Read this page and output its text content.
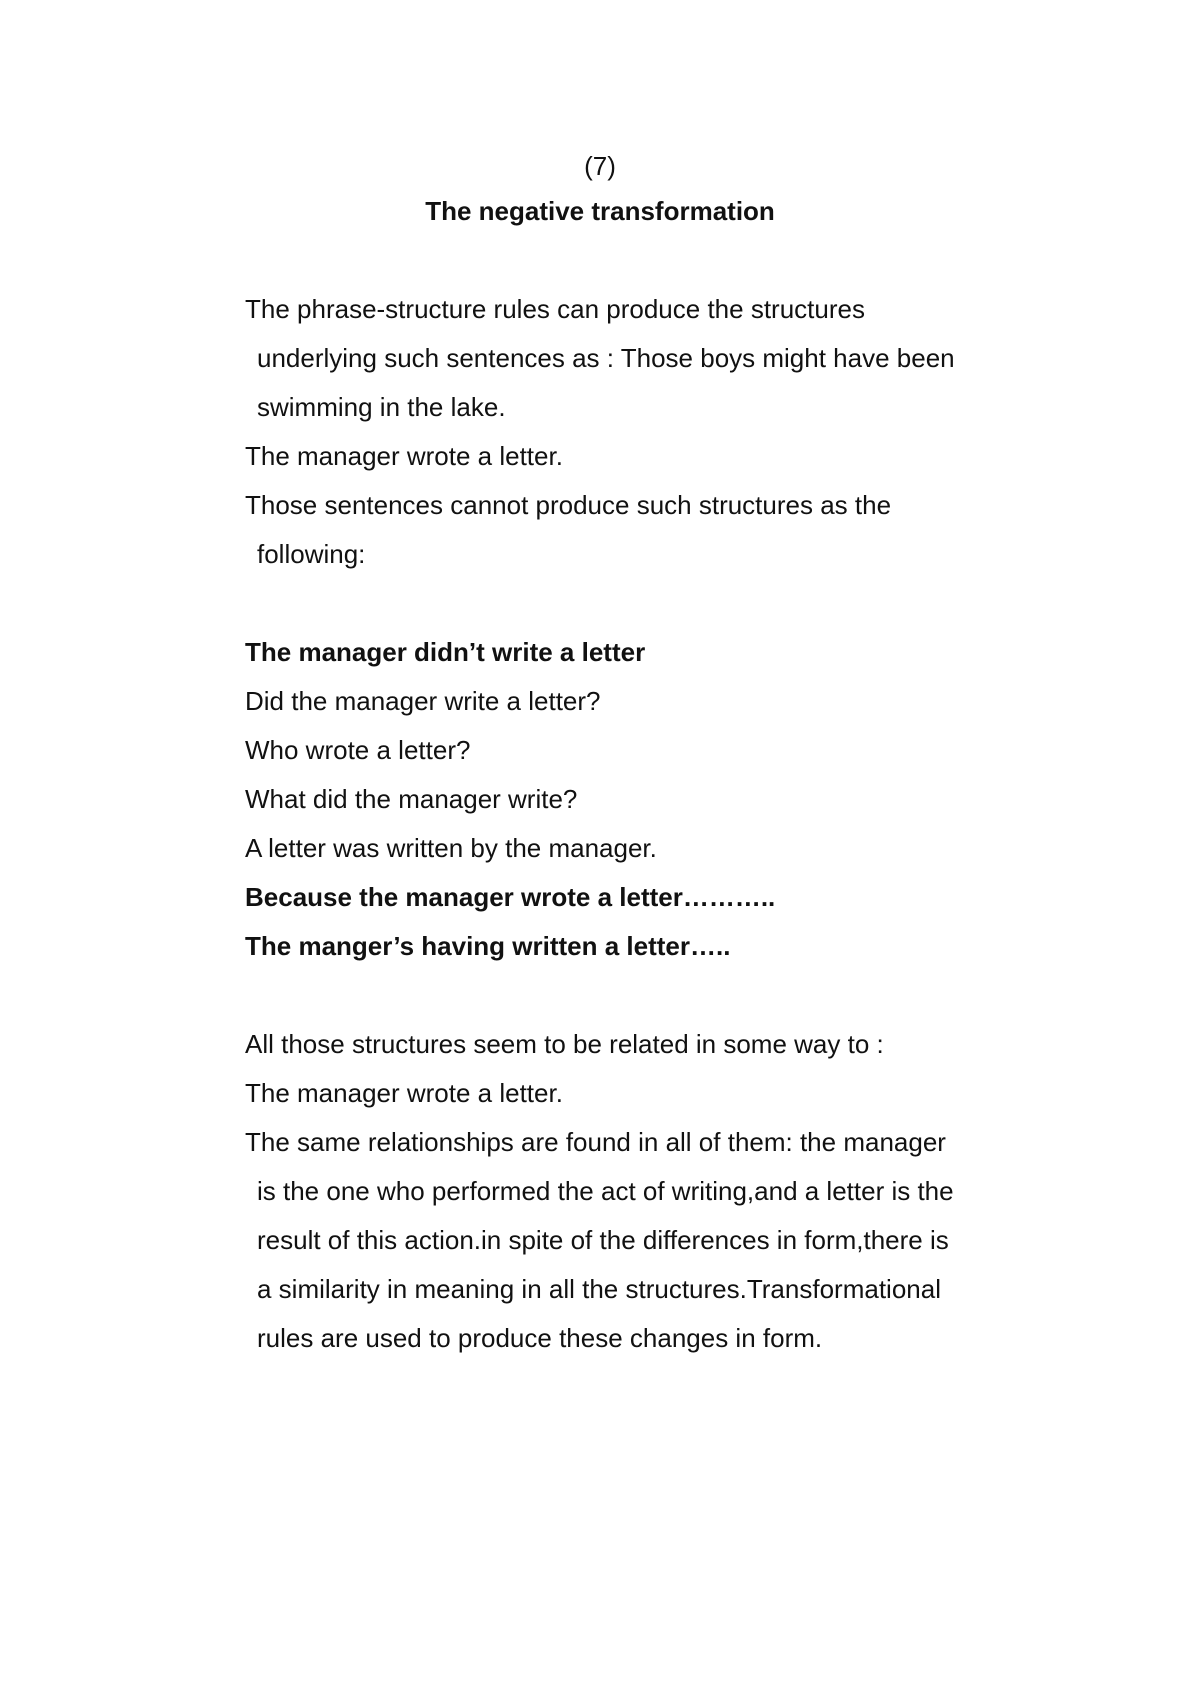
(7)
The negative transformation
The phrase-structure rules can produce the structures
underlying such sentences as : Those boys might have been
swimming in the lake.
The manager wrote a letter.
Those sentences cannot produce such structures as the
following:
The manager didn’t write a letter
Did the manager write a letter?
Who wrote a letter?
What did the manager write?
A letter was written by the manager.
Because the manager wrote a letter………..
The manger’s having written a letter…..
All those structures seem to be related in some way to :
The manager wrote a letter.
The same relationships are found in all of them: the manager
is the one who performed the act of writing,and a letter is the
result of this action.in spite of the differences in form,there is
a similarity in meaning in all the structures.Transformational
rules are used to produce these changes in form.
